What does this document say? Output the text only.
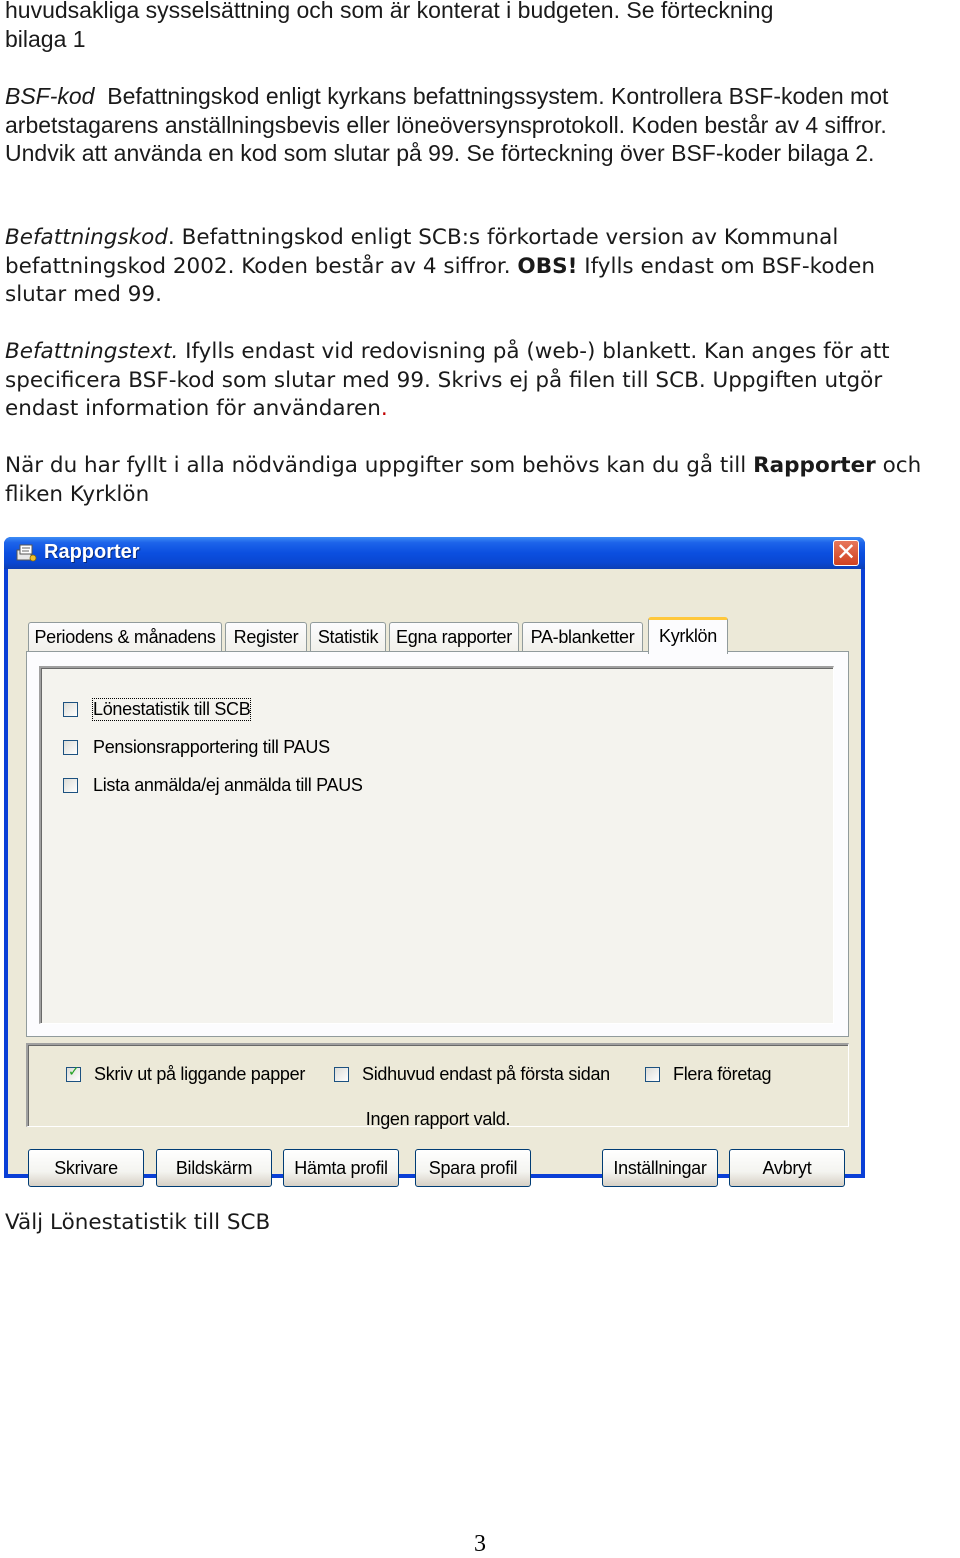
huvudsakliga sysselsättning och som är konterat i budgeten. Se förteckning
bilaga 1

BSF-kod Befattningskod enligt kyrkans befattningssystem. Kontrollera BSF-koden mot arbetstagarens anställningsbevis eller löneöversynsprotokoll. Koden består av 4 siffror. Undvik att använda en kod som slutar på 99. Se förteckning över BSF-koder bilaga 2.

Befattningskod. Befattningskod enligt SCB:s förkortade version av Kommunal befattningskod 2002. Koden består av 4 siffror. OBS! Ifylls endast om BSF-koden slutar med 99.

Befattningstext. Ifylls endast vid redovisning på (web-) blankett. Kan anges för att specificera BSF-kod som slutar med 99. Skrivs ej på filen till SCB. Uppgiften utgör endast information för användaren.

När du har fyllt i alla nödvändiga uppgifter som behövs kan du gå till Rapporter och fliken Kyrklön

Rapporter	✕
Periodens & månadens	Register	Statistik Egna rapporter	PA-blanketter	Kyrklön
Lönestatistik till SCB
Pensionsrapportering till PAUS
Lista anmälda/ej anmälda till PAUS
✓ Skriv ut på liggande papper	Sidhuvud endast på första sidan	Flera företag
Ingen rapport vald.
Skrivare	Bildskärm	Hämta profil	Spara profil	Inställningar	Avbryt

Välj Lönestatistik till SCB

3
